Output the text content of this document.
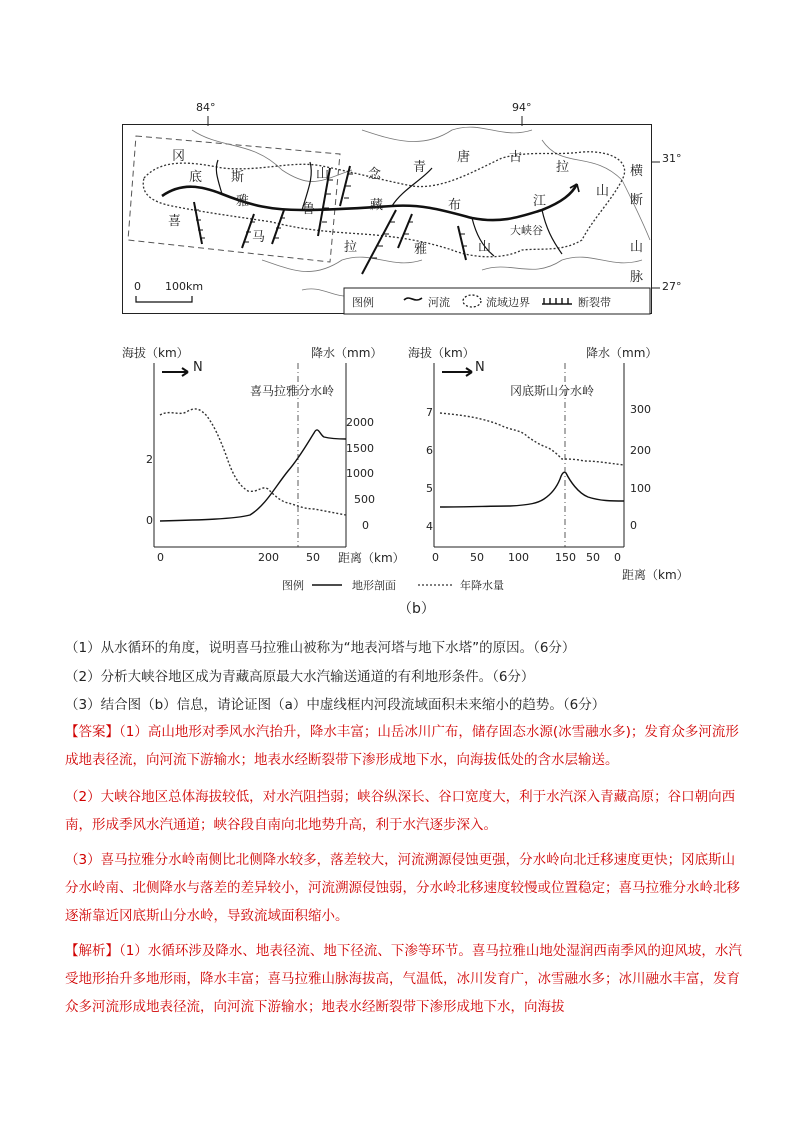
84°	94°
31°
27°
冈
底 斯	山	念 青
唐	古
拉
山
喜
马
雅
鲁	藏	布	江
拉	雅	山
大峡谷
横
断
山
脉
0 100km
图例	河流	流域边界	断裂带
海拔（km）	降水（mm）
N
喜马拉雅分水岭
0
2
0
500
1000
1500
2000
0	200 50 距离（km）
海拔（km）	降水（mm）
N
冈底斯山分水岭
4
5
6
7
0
100
200
300
0	50 100 150 50 0
距离（km）
图例	地形剖面	年降水量
（b）
（1）从水循环的角度，说明喜马拉雅山被称为“地表河塔与地下水塔”的原因。（6分）
（2）分析大峡谷地区成为青藏高原最大水汽输送通道的有利地形条件。（6分）
（3）结合图（b）信息，请论证图（a）中虚线框内河段流域面积未来缩小的趋势。（6分）
【答案】（1）高山地形对季风水汽抬升，降水丰富；山岳冰川广布，储存固态水源(冰雪融水多)；发育众多河流形成地表径流，向河流下游输水；地表水经断裂带下渗形成地下水，向海拔低处的含水层输送。
（2）大峡谷地区总体海拔较低，对水汽阻挡弱；峡谷纵深长、谷口宽度大，利于水汽深入青藏高原；谷口朝向西南，形成季风水汽通道；峡谷段自南向北地势升高，利于水汽逐步深入。
（3）喜马拉雅分水岭南侧比北侧降水较多，落差较大，河流溯源侵蚀更强，分水岭向北迁移速度更快；冈底斯山分水岭南、北侧降水与落差的差异较小，河流溯源侵蚀弱，分水岭北移速度较慢或位置稳定；喜马拉雅分水岭北移逐渐靠近冈底斯山分水岭，导致流域面积缩小。
【解析】（1）水循环涉及降水、地表径流、地下径流、下渗等环节。喜马拉雅山地处湿润西南季风的迎风坡，水汽受地形抬升多地形雨，降水丰富；喜马拉雅山脉海拔高，气温低，冰川发育广，冰雪融水多；冰川融水丰富，发育众多河流形成地表径流，向河流下游输水；地表水经断裂带下渗形成地下水，向海拔
